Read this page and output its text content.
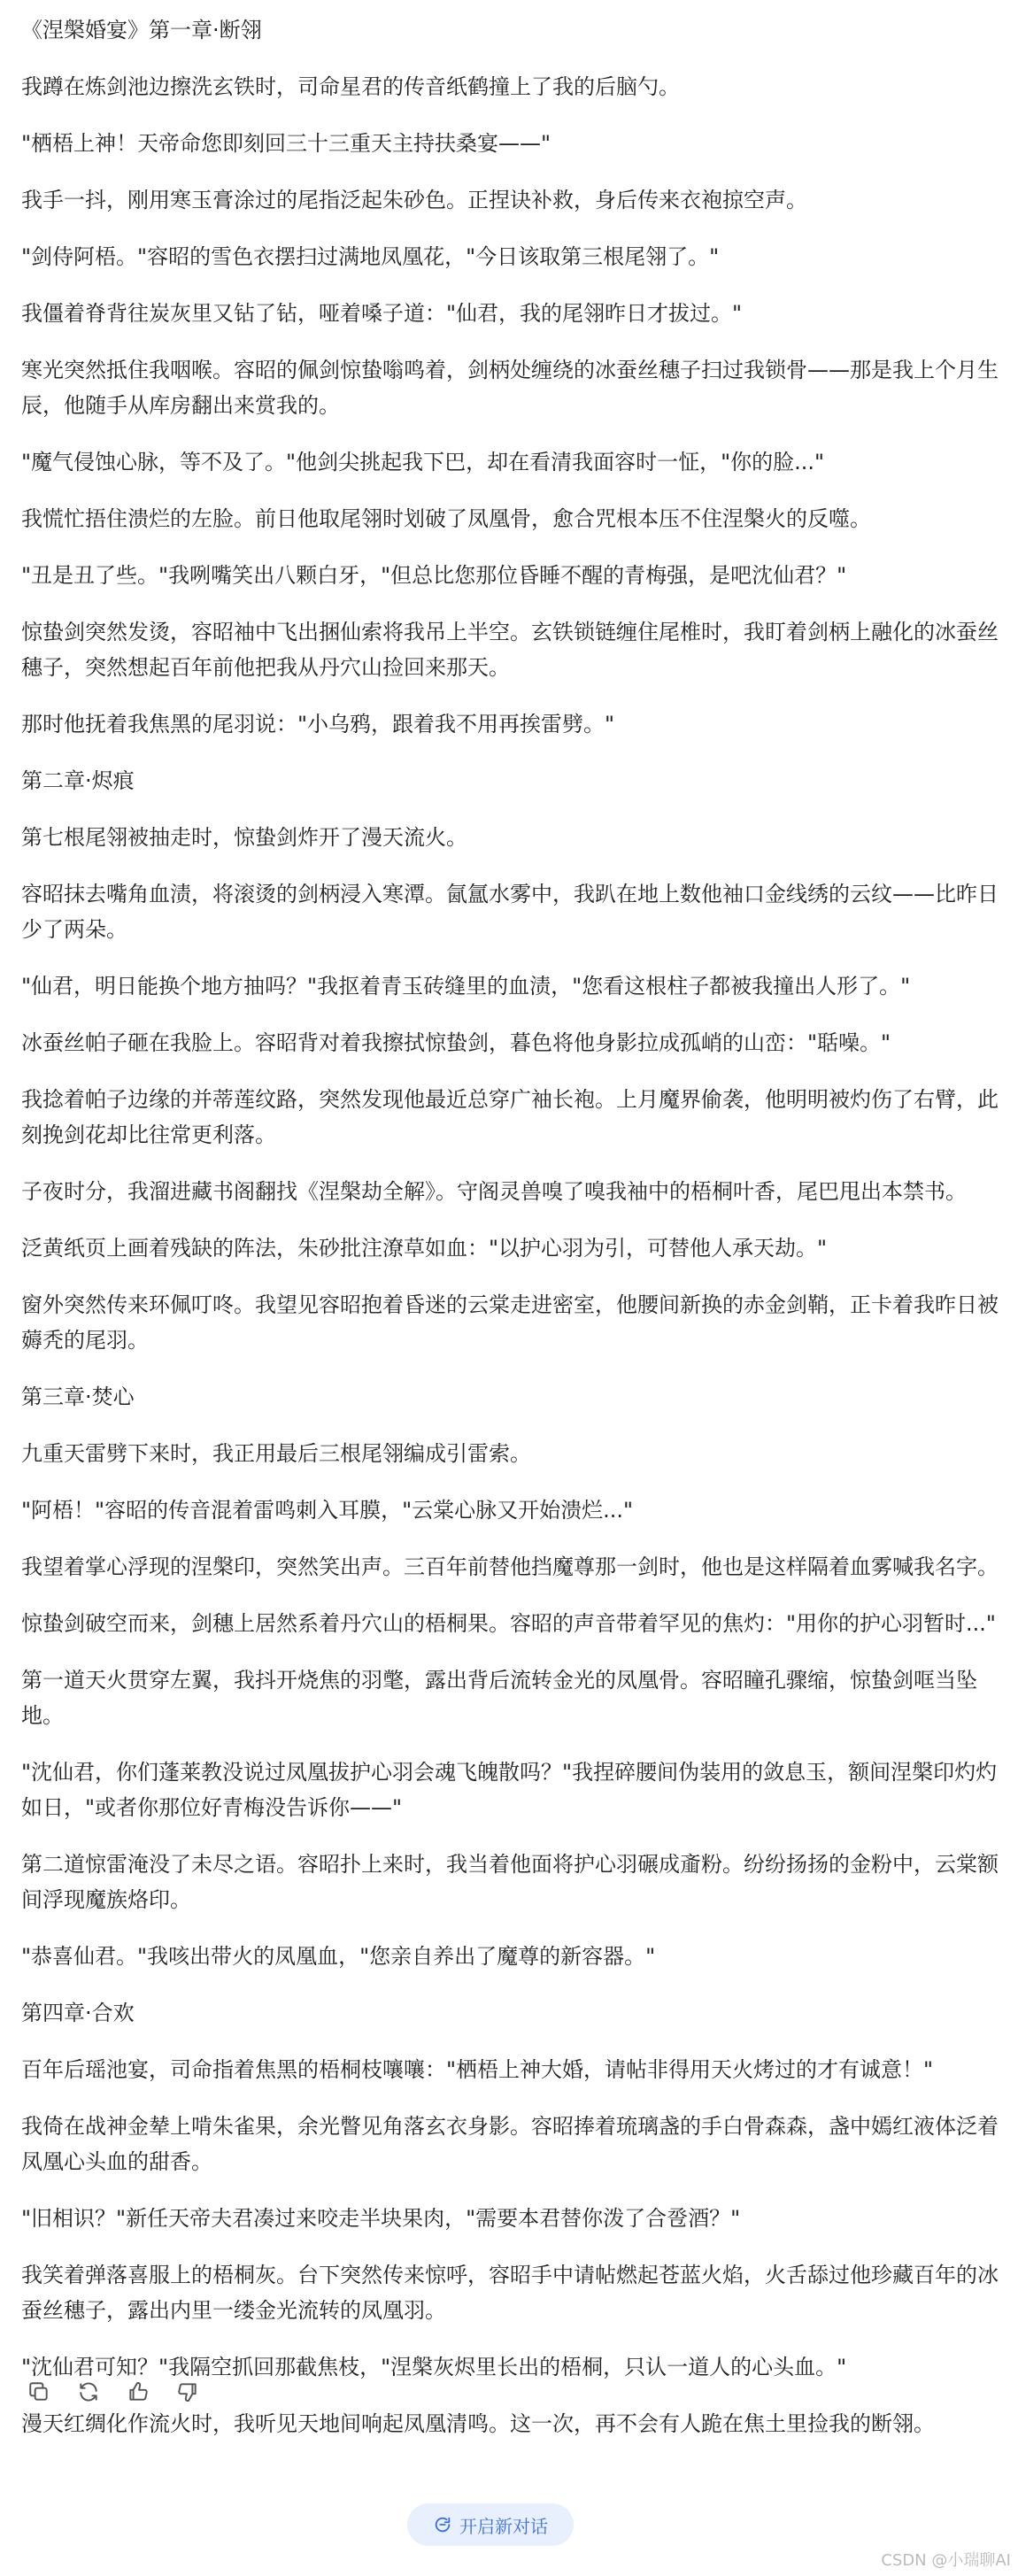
《涅槃婚宴》第一章·断翎
我蹲在炼剑池边擦洗玄铁时，司命星君的传音纸鹤撞上了我的后脑勺。
"栖梧上神！天帝命您即刻回三十三重天主持扶桑宴——"
我手一抖，刚用寒玉膏涂过的尾指泛起朱砂色。正捏诀补救，身后传来衣袍掠空声。
"剑侍阿梧。"容昭的雪色衣摆扫过满地凤凰花，"今日该取第三根尾翎了。"
我僵着脊背往炭灰里又钻了钻，哑着嗓子道："仙君，我的尾翎昨日才拔过。"
寒光突然抵住我咽喉。容昭的佩剑惊蛰嗡鸣着，剑柄处缠绕的冰蚕丝穗子扫过我锁骨——那是我上个月生辰，他随手从库房翻出来赏我的。
"魔气侵蚀心脉，等不及了。"他剑尖挑起我下巴，却在看清我面容时一怔，"你的脸..."
我慌忙捂住溃烂的左脸。前日他取尾翎时划破了凤凰骨，愈合咒根本压不住涅槃火的反噬。
"丑是丑了些。"我咧嘴笑出八颗白牙，"但总比您那位昏睡不醒的青梅强，是吧沈仙君？"
惊蛰剑突然发烫，容昭袖中飞出捆仙索将我吊上半空。玄铁锁链缠住尾椎时，我盯着剑柄上融化的冰蚕丝穗子，突然想起百年前他把我从丹穴山捡回来那天。
那时他抚着我焦黑的尾羽说："小乌鸦，跟着我不用再挨雷劈。"
第二章·烬痕
第七根尾翎被抽走时，惊蛰剑炸开了漫天流火。
容昭抹去嘴角血渍，将滚烫的剑柄浸入寒潭。氤氲水雾中，我趴在地上数他袖口金线绣的云纹——比昨日少了两朵。
"仙君，明日能换个地方抽吗？"我抠着青玉砖缝里的血渍，"您看这根柱子都被我撞出人形了。"
冰蚕丝帕子砸在我脸上。容昭背对着我擦拭惊蛰剑，暮色将他身影拉成孤峭的山峦："聒噪。"
我捻着帕子边缘的并蒂莲纹路，突然发现他最近总穿广袖长袍。上月魔界偷袭，他明明被灼伤了右臂，此刻挽剑花却比往常更利落。
子夜时分，我溜进藏书阁翻找《涅槃劫全解》。守阁灵兽嗅了嗅我袖中的梧桐叶香，尾巴甩出本禁书。
泛黄纸页上画着残缺的阵法，朱砂批注潦草如血："以护心羽为引，可替他人承天劫。"
窗外突然传来环佩叮咚。我望见容昭抱着昏迷的云棠走进密室，他腰间新换的赤金剑鞘，正卡着我昨日被薅秃的尾羽。
第三章·焚心
九重天雷劈下来时，我正用最后三根尾翎编成引雷索。
"阿梧！"容昭的传音混着雷鸣刺入耳膜，"云棠心脉又开始溃烂..."
我望着掌心浮现的涅槃印，突然笑出声。三百年前替他挡魔尊那一剑时，他也是这样隔着血雾喊我名字。
惊蛰剑破空而来，剑穗上居然系着丹穴山的梧桐果。容昭的声音带着罕见的焦灼："用你的护心羽暂时..."
第一道天火贯穿左翼，我抖开烧焦的羽氅，露出背后流转金光的凤凰骨。容昭瞳孔骤缩，惊蛰剑哐当坠地。
"沈仙君，你们蓬莱教没说过凤凰拔护心羽会魂飞魄散吗？"我捏碎腰间伪装用的敛息玉，额间涅槃印灼灼如日，"或者你那位好青梅没告诉你——"
第二道惊雷淹没了未尽之语。容昭扑上来时，我当着他面将护心羽碾成齑粉。纷纷扬扬的金粉中，云棠额间浮现魔族烙印。
"恭喜仙君。"我咳出带火的凤凰血，"您亲自养出了魔尊的新容器。"
第四章·合欢
百年后瑶池宴，司命指着焦黑的梧桐枝嚷嚷："栖梧上神大婚，请帖非得用天火烤过的才有诚意！"
我倚在战神金辇上啃朱雀果，余光瞥见角落玄衣身影。容昭捧着琉璃盏的手白骨森森，盏中嫣红液体泛着凤凰心头血的甜香。
"旧相识？"新任天帝夫君凑过来咬走半块果肉，"需要本君替你泼了合卺酒？"
我笑着弹落喜服上的梧桐灰。台下突然传来惊呼，容昭手中请帖燃起苍蓝火焰，火舌舔过他珍藏百年的冰蚕丝穗子，露出内里一缕金光流转的凤凰羽。
"沈仙君可知？"我隔空抓回那截焦枝，"涅槃灰烬里长出的梧桐，只认一道人的心头血。"
漫天红绸化作流火时，我听见天地间响起凤凰清鸣。这一次，再不会有人跪在焦土里捡我的断翎。
开启新对话
CSDN @小瑞聊AI
